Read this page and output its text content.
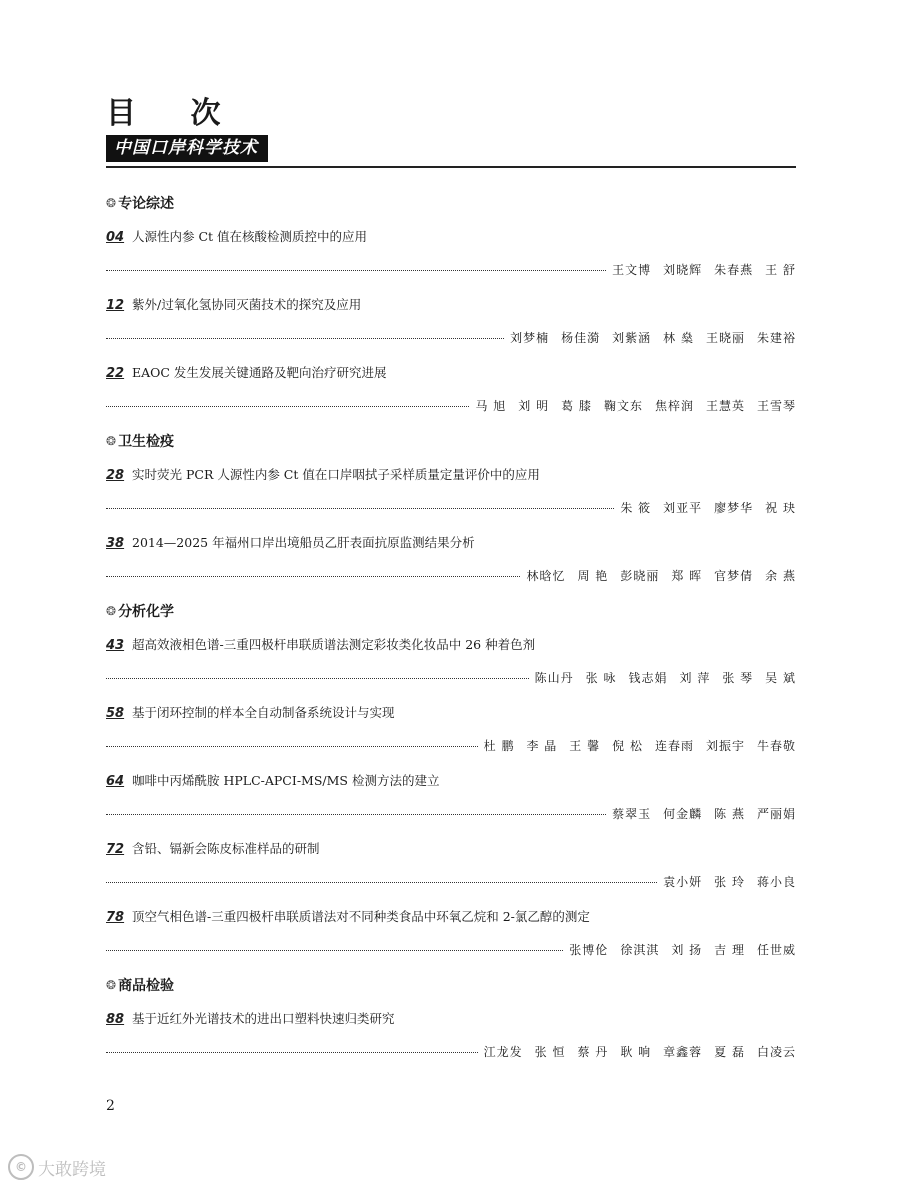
目 次
中国口岸科学技术
❂ 专论综述
04 人源性内参 Ct 值在核酸检测质控中的应用
王文博 刘晓辉 朱春燕 王 舒
12 紫外/过氧化氢协同灭菌技术的探究及应用
刘梦楠 杨佳漪 刘紫涵 林 燊 王晓丽 朱建裕
22 EAOC 发生发展关键通路及靶向治疗研究进展
马 旭 刘 明 葛 膝 鞠文东 焦梓润 王慧英 王雪琴
❂ 卫生检疫
28 实时荧光 PCR 人源性内参 Ct 值在口岸咽拭子采样质量定量评价中的应用
朱 筱 刘亚平 廖梦华 祝 玦
38 2014—2025 年福州口岸出境船员乙肝表面抗原监测结果分析
林晗忆 周 艳 彭晓丽 郑 晖 官梦倩 余 燕
❂ 分析化学
43 超高效液相色谱-三重四极杆串联质谱法测定彩妆类化妆品中 26 种着色剂
陈山丹 张 咏 钱志娟 刘 萍 张 琴 吴 斌
58 基于闭环控制的样本全自动制备系统设计与实现
杜 鹏 李 晶 王 馨 倪 松 连春雨 刘振宇 牛春敬
64 咖啡中丙烯酰胺 HPLC-APCI-MS/MS 检测方法的建立
蔡翠玉 何金麟 陈 燕 严丽娟
72 含铅、镉新会陈皮标准样品的研制
袁小妍 张 玲 蒋小良
78 顶空气相色谱-三重四极杆串联质谱法对不同种类食品中环氧乙烷和 2-氯乙醇的测定
张博伦 徐淇淇 刘 扬 吉 理 任世威
❂ 商品检验
88 基于近红外光谱技术的进出口塑料快速归类研究
江龙发 张 恒 蔡 丹 耿 响 章鑫蓉 夏 磊 白凌云
2
© 大敢跨境
